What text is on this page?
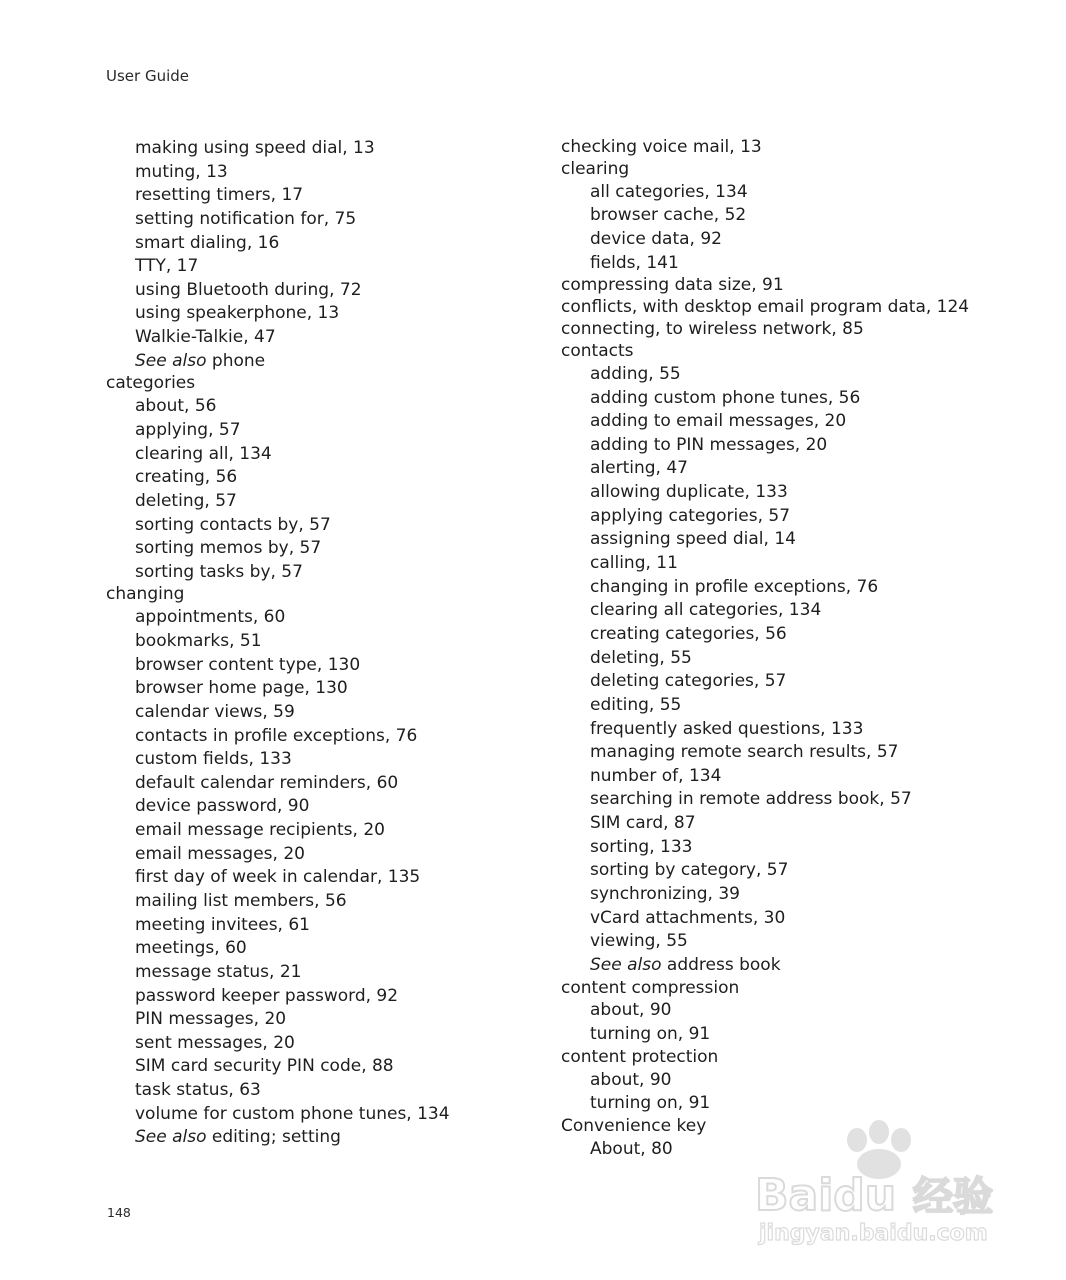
User Guide
making using speed dial, 13
muting, 13
resetting timers, 17
setting notification for, 75
smart dialing, 16
TTY, 17
using Bluetooth during, 72
using speakerphone, 13
Walkie-Talkie, 47
See also phone
categories
about, 56
applying, 57
clearing all, 134
creating, 56
deleting, 57
sorting contacts by, 57
sorting memos by, 57
sorting tasks by, 57
changing
appointments, 60
bookmarks, 51
browser content type, 130
browser home page, 130
calendar views, 59
contacts in profile exceptions, 76
custom fields, 133
default calendar reminders, 60
device password, 90
email message recipients, 20
email messages, 20
first day of week in calendar, 135
mailing list members, 56
meeting invitees, 61
meetings, 60
message status, 21
password keeper password, 92
PIN messages, 20
sent messages, 20
SIM card security PIN code, 88
task status, 63
volume for custom phone tunes, 134
See also editing; setting
checking voice mail, 13
clearing
all categories, 134
browser cache, 52
device data, 92
fields, 141
compressing data size, 91
conflicts, with desktop email program data, 124
connecting, to wireless network, 85
contacts
adding, 55
adding custom phone tunes, 56
adding to email messages, 20
adding to PIN messages, 20
alerting, 47
allowing duplicate, 133
applying categories, 57
assigning speed dial, 14
calling, 11
changing in profile exceptions, 76
clearing all categories, 134
creating categories, 56
deleting, 55
deleting categories, 57
editing, 55
frequently asked questions, 133
managing remote search results, 57
number of, 134
searching in remote address book, 57
SIM card, 87
sorting, 133
sorting by category, 57
synchronizing, 39
vCard attachments, 30
viewing, 55
See also address book
content compression
about, 90
turning on, 91
content protection
about, 90
turning on, 91
Convenience key
About, 80
148	Baidu 经验
jingyan.baidu.com
